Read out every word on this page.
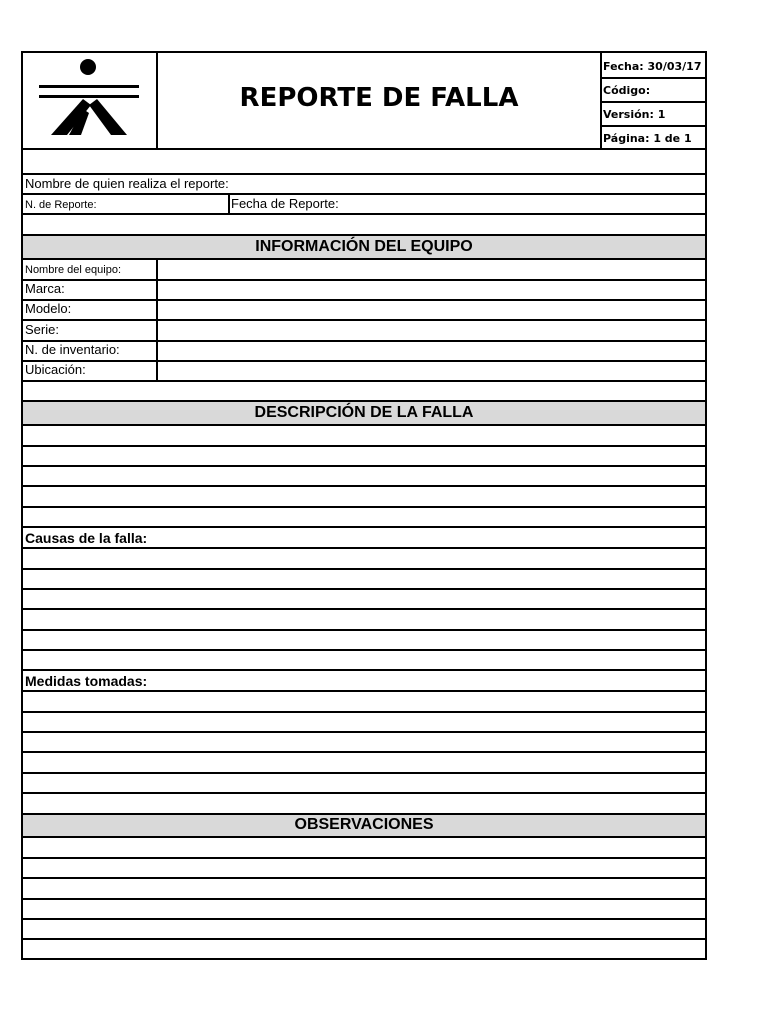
REPORTE DE FALLA
Fecha: 30/03/17
Código:
Versión: 1
Página: 1 de 1
Nombre de quien realiza el reporte:
N. de Reporte:	Fecha de Reporte:
INFORMACIÓN DEL EQUIPO
Nombre del equipo:
Marca:
Modelo:
Serie:
N. de inventario:
Ubicación:
DESCRIPCIÓN DE LA FALLA
Causas de la falla:
Medidas tomadas:
OBSERVACIONES
